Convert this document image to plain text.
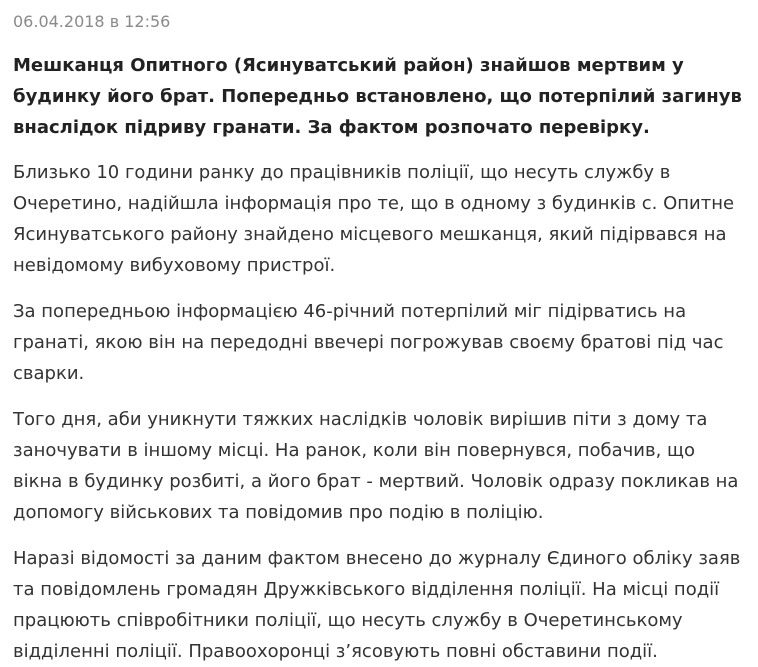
06.04.2018 в 12:56

Мешканця Опитного (Ясинуватський район) знайшов мертвим у будинку його брат. Попередньо встановлено, що потерпілий загинув внаслідок підриву гранати. За фактом розпочато перевірку.

Близько 10 години ранку до працівників поліції, що несуть службу в Очеретино, надійшла інформація про те, що в одному з будинків с. Опитне Ясинуватського району знайдено місцевого мешканця, який підірвався на невідомому вибуховому пристрої.

За попередньою інформацією 46-річний потерпілий міг підірватись на гранаті, якою він на передодні ввечері погрожував своєму братові під час сварки.

Того дня, аби уникнути тяжких наслідків чоловік вирішив піти з дому та заночувати в іншому місці. На ранок, коли він повернувся, побачив, що вікна в будинку розбиті, а його брат - мертвий. Чоловік одразу покликав на допомогу військових та повідомив про подію в поліцію.

Наразі відомості за даним фактом внесено до журналу Єдиного обліку заяв та повідомлень громадян Дружківського відділення поліції. На місці події працюють співробітники поліції, що несуть службу в Очеретинському відділенні поліції. Правоохоронці з’ясовують повні обставини події.
